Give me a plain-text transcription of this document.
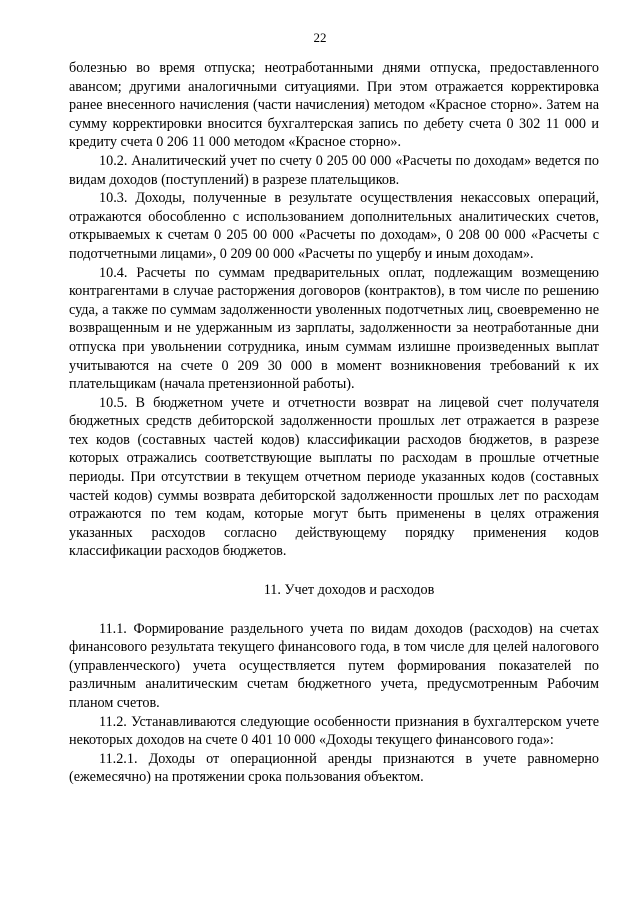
22

болезнью во время отпуска; неотработанными днями отпуска, предоставленного авансом; другими аналогичными ситуациями. При этом отражается корректировка ранее внесенного начисления (части начисления) методом «Красное сторно». Затем на сумму корректировки вносится бухгалтерская запись по дебету счета 0 302 11 000 и кредиту счета 0 206 11 000 методом «Красное сторно».

10.2. Аналитический учет по счету 0 205 00 000 «Расчеты по доходам» ведется по видам доходов (поступлений) в разрезе плательщиков.

10.3. Доходы, полученные в результате осуществления некассовых операций, отражаются обособленно с использованием дополнительных аналитических счетов, открываемых к счетам 0 205 00 000 «Расчеты по доходам», 0 208 00 000 «Расчеты с подотчетными лицами», 0 209 00 000 «Расчеты по ущербу и иным доходам».

10.4. Расчеты по суммам предварительных оплат, подлежащим возмещению контрагентами в случае расторжения договоров (контрактов), в том числе по решению суда, а также по суммам задолженности уволенных подотчетных лиц, своевременно не возвращенным и не удержанным из зарплаты, задолженности за неотработанные дни отпуска при увольнении сотрудника, иным суммам излишне произведенных выплат учитываются на счете 0 209 30 000 в момент возникновения требований к их плательщикам (начала претензионной работы).

10.5. В бюджетном учете и отчетности возврат на лицевой счет получателя бюджетных средств дебиторской задолженности прошлых лет отражается в разрезе тех кодов (составных частей кодов) классификации расходов бюджетов, в разрезе которых отражались соответствующие выплаты по расходам в прошлые отчетные периоды. При отсутствии в текущем отчетном периоде указанных кодов (составных частей кодов) суммы возврата дебиторской задолженности прошлых лет по расходам отражаются по тем кодам, которые могут быть применены в целях отражения указанных расходов согласно действующему порядку применения кодов классификации расходов бюджетов.

11. Учет доходов и расходов

11.1. Формирование раздельного учета по видам доходов (расходов) на счетах финансового результата текущего финансового года, в том числе для целей налогового (управленческого) учета осуществляется путем формирования показателей по различным аналитическим счетам бюджетного учета, предусмотренным Рабочим планом счетов.

11.2. Устанавливаются следующие особенности признания в бухгалтерском учете некоторых доходов на счете 0 401 10 000 «Доходы текущего финансового года»:

11.2.1. Доходы от операционной аренды признаются в учете равномерно (ежемесячно) на протяжении срока пользования объектом.
